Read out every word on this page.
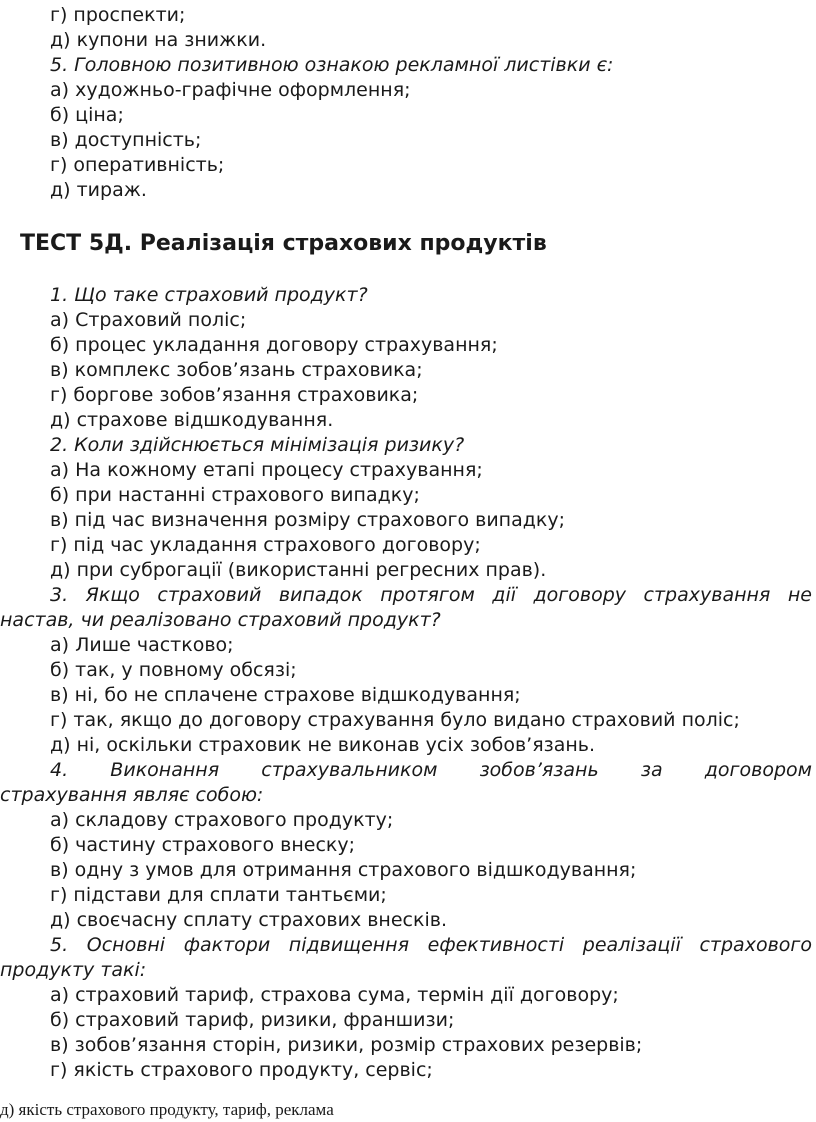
г) проспекти;
д) купони на знижки.
5. Головною позитивною ознакою рекламної листівки є:
а) художньо-графічне оформлення;
б) ціна;
в) доступність;
г) оперативність;
д) тираж.
ТЕСТ 5Д. Реалізація страхових продуктів
1. Що таке страховий продукт?
а) Страховий поліс;
б) процес укладання договору страхування;
в) комплекс зобов’язань страховика;
г) боргове зобов’язання страховика;
д) страхове відшкодування.
2. Коли здійснюється мінімізація ризику?
а) На кожному етапі процесу страхування;
б) при настанні страхового випадку;
в) під час визначення розміру страхового випадку;
г) під час укладання страхового договору;
д) при суброгації (використанні регресних прав).
3. Якщо страховий випадок протягом дії договору страхування не
настав, чи реалізовано страховий продукт?
а) Лише частково;
б) так, у повному обсязі;
в) ні, бо не сплачене страхове відшкодування;
г) так, якщо до договору страхування було видано страховий поліс;
д) ні, оскільки страховик не виконав усіх зобов’язань.
4. Виконання страхувальником зобов’язань за договором
страхування являє собою:
а) складову страхового продукту;
б) частину страхового внеску;
в) одну з умов для отримання страхового відшкодування;
г) підстави для сплати тантьєми;
д) своєчасну сплату страхових внесків.
5. Основні фактори підвищення ефективності реалізації страхового
продукту такі:
а) страховий тариф, страхова сума, термін дії договору;
б) страховий тариф, ризики, франшизи;
в) зобов’язання сторін, ризики, розмір страхових резервів;
г) якість страхового продукту, сервіс;
д) якість страхового продукту, тариф, реклама
